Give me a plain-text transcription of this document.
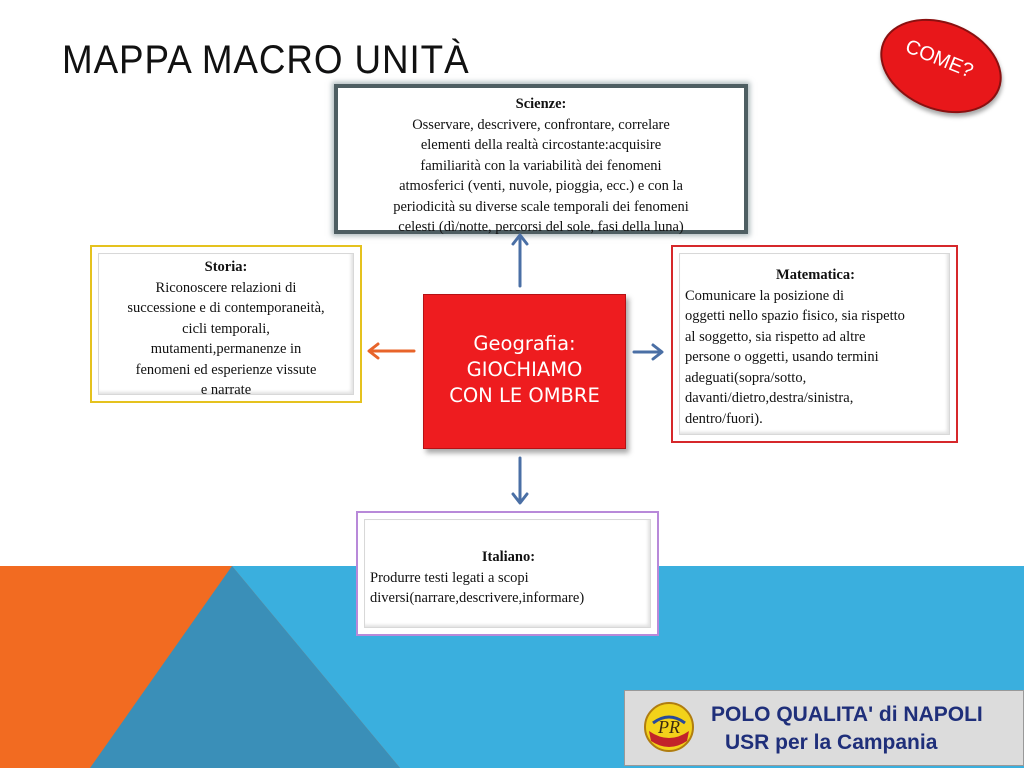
MAPPA MACRO UNITÀ	COME?
Scienze:
Osservare, descrivere, confrontare, correlare
elementi della realtà circostante:acquisire
familiarità con la variabilità dei fenomeni
atmosferici (venti, nuvole, pioggia, ecc.) e con la
periodicità su diverse scale temporali dei fenomeni
celesti (dì/notte, percorsi del sole, fasi della luna)
Storia:
Riconoscere relazioni di
successione e di contemporaneità,
cicli temporali,
mutamenti,permanenze in
fenomeni ed esperienze vissute
e narrate
Matematica:
Comunicare la posizione di
oggetti nello spazio fisico, sia rispetto
al soggetto, sia rispetto ad altre
persone o oggetti, usando termini
adeguati(sopra/sotto,
davanti/dietro,destra/sinistra,
dentro/fuori).
Italiano:
Produrre testi legati a scopi
diversi(narrare,descrivere,informare)
Geografia:
GIOCHIAMO
CON LE OMBRE
PR
POLO QUALITA' di NAPOLI
USR per la Campania
